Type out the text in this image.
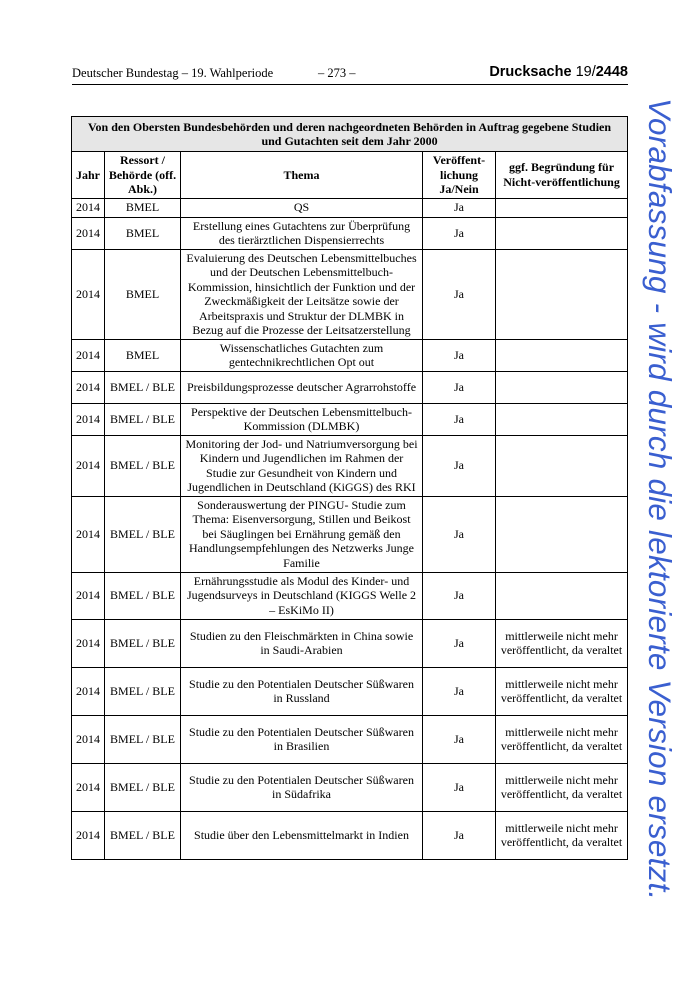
Deutscher Bundestag – 19. Wahlperiode	– 273 –	Drucksache 19/2448
Von den Obersten Bundesbehörden und deren nachgeordneten Behörden in Auftrag gegebene Studien und Gutachten seit dem Jahr 2000				
Jahr	Ressort / Behörde (off. Abk.)	Thema	Veröffent-lichung Ja/Nein	ggf. Begründung für Nicht-veröffentlichung
2014	BMEL	QS	Ja	
2014	BMEL	Erstellung eines Gutachtens zur Überprüfung des tierärztlichen Dispensierrechts	Ja	
2014	BMEL	Evaluierung des Deutschen Lebensmittelbuches und der Deutschen Lebensmittelbuch-Kommission, hinsichtlich der Funktion und der Zweckmäßigkeit der Leitsätze sowie der Arbeitspraxis und Struktur der DLMBK in Bezug auf die Prozesse der Leitsatzerstellung	Ja	
2014	BMEL	Wissenschatliches Gutachten zum gentechnikrechtlichen Opt out	Ja	
2014	BMEL / BLE	Preisbildungsprozesse deutscher Agrarrohstoffe	Ja	
2014	BMEL / BLE	Perspektive der Deutschen Lebensmittelbuch-Kommission (DLMBK)	Ja	
2014	BMEL / BLE	Monitoring der Jod- und Natriumversorgung bei Kindern und Jugendlichen im Rahmen der Studie zur Gesundheit von Kindern und Jugendlichen in Deutschland (KiGGS) des RKI	Ja	
2014	BMEL / BLE	Sonderauswertung der PINGU- Studie zum Thema: Eisenversorgung, Stillen und Beikost bei Säuglingen bei Ernährung gemäß den Handlungsempfehlungen des Netzwerks Junge Familie	Ja	
2014	BMEL / BLE	Ernährungsstudie als Modul des Kinder- und Jugendsurveys in Deutschland (KIGGS Welle 2 – EsKiMo II)	Ja	
2014	BMEL / BLE	Studien zu den Fleischmärkten in China sowie in Saudi-Arabien	Ja	mittlerweile nicht mehr veröffentlicht, da veraltet
2014	BMEL / BLE	Studie zu den Potentialen Deutscher Süßwaren in Russland	Ja	mittlerweile nicht mehr veröffentlicht, da veraltet
2014	BMEL / BLE	Studie zu den Potentialen Deutscher Süßwaren in Brasilien	Ja	mittlerweile nicht mehr veröffentlicht, da veraltet
2014	BMEL / BLE	Studie zu den Potentialen Deutscher Süßwaren in Südafrika	Ja	mittlerweile nicht mehr veröffentlicht, da veraltet
2014	BMEL / BLE	Studie über den Lebensmittelmarkt in Indien	Ja	mittlerweile nicht mehr veröffentlicht, da veraltet Vorabfassung - wird durch die lektorierte Version ersetzt.
